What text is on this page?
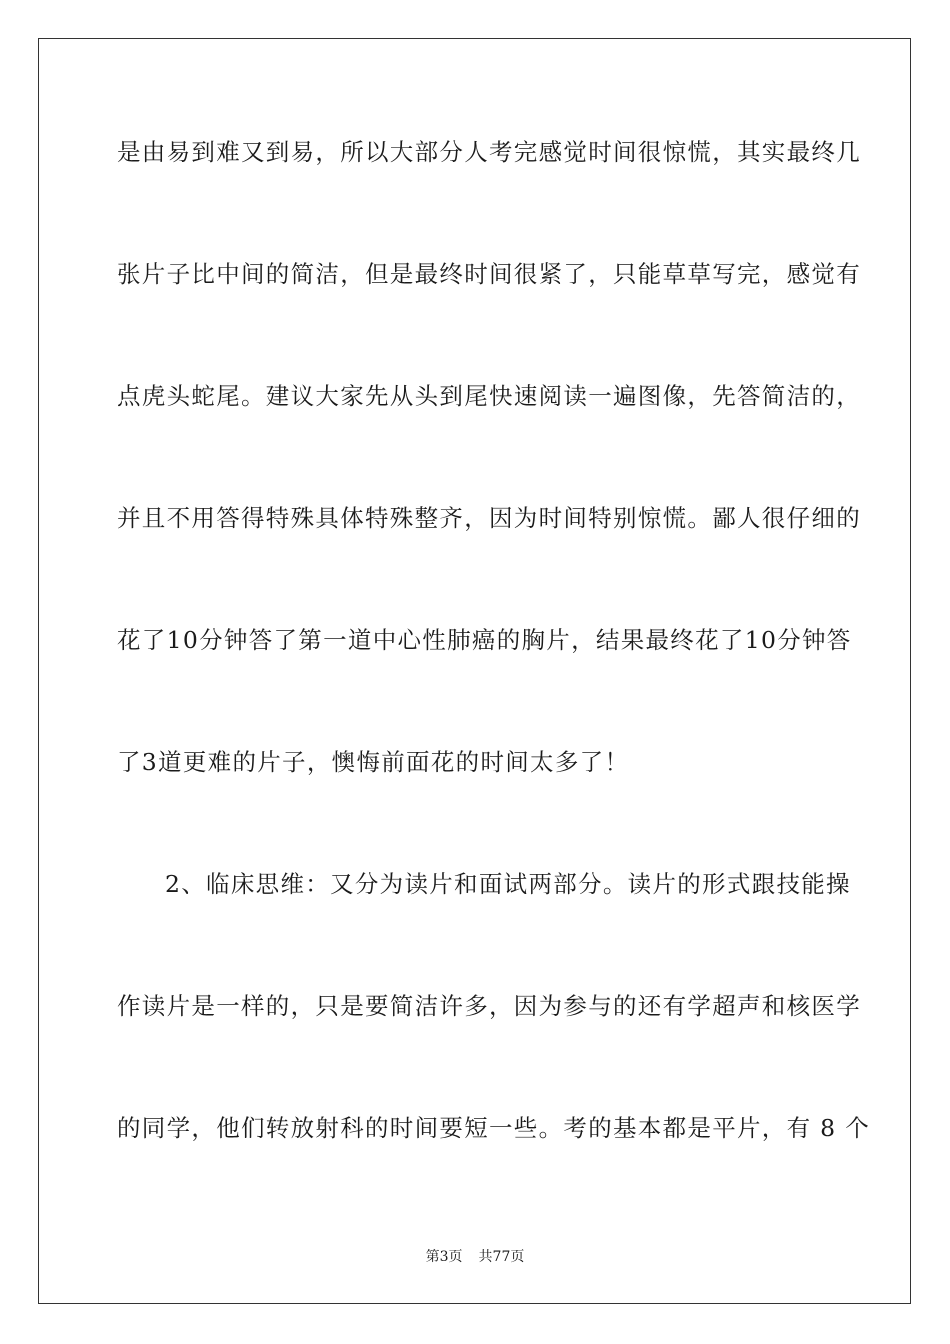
是由易到难又到易，所以大部分人考完感觉时间很惊慌，其实最终几
张片子比中间的简洁，但是最终时间很紧了，只能草草写完，感觉有
点虎头蛇尾。建议大家先从头到尾快速阅读一遍图像，先答简洁的，
并且不用答得特殊具体特殊整齐，因为时间特别惊慌。鄙人很仔细的
花了10分钟答了第一道中心性肺癌的胸片，结果最终花了10分钟答
了3道更难的片子，懊悔前面花的时间太多了！
2、临床思维：又分为读片和面试两部分。读片的形式跟技能操
作读片是一样的，只是要简洁许多，因为参与的还有学超声和核医学
的同学，他们转放射科的时间要短一些。考的基本都是平片，有 8 个
第3页 共77页
